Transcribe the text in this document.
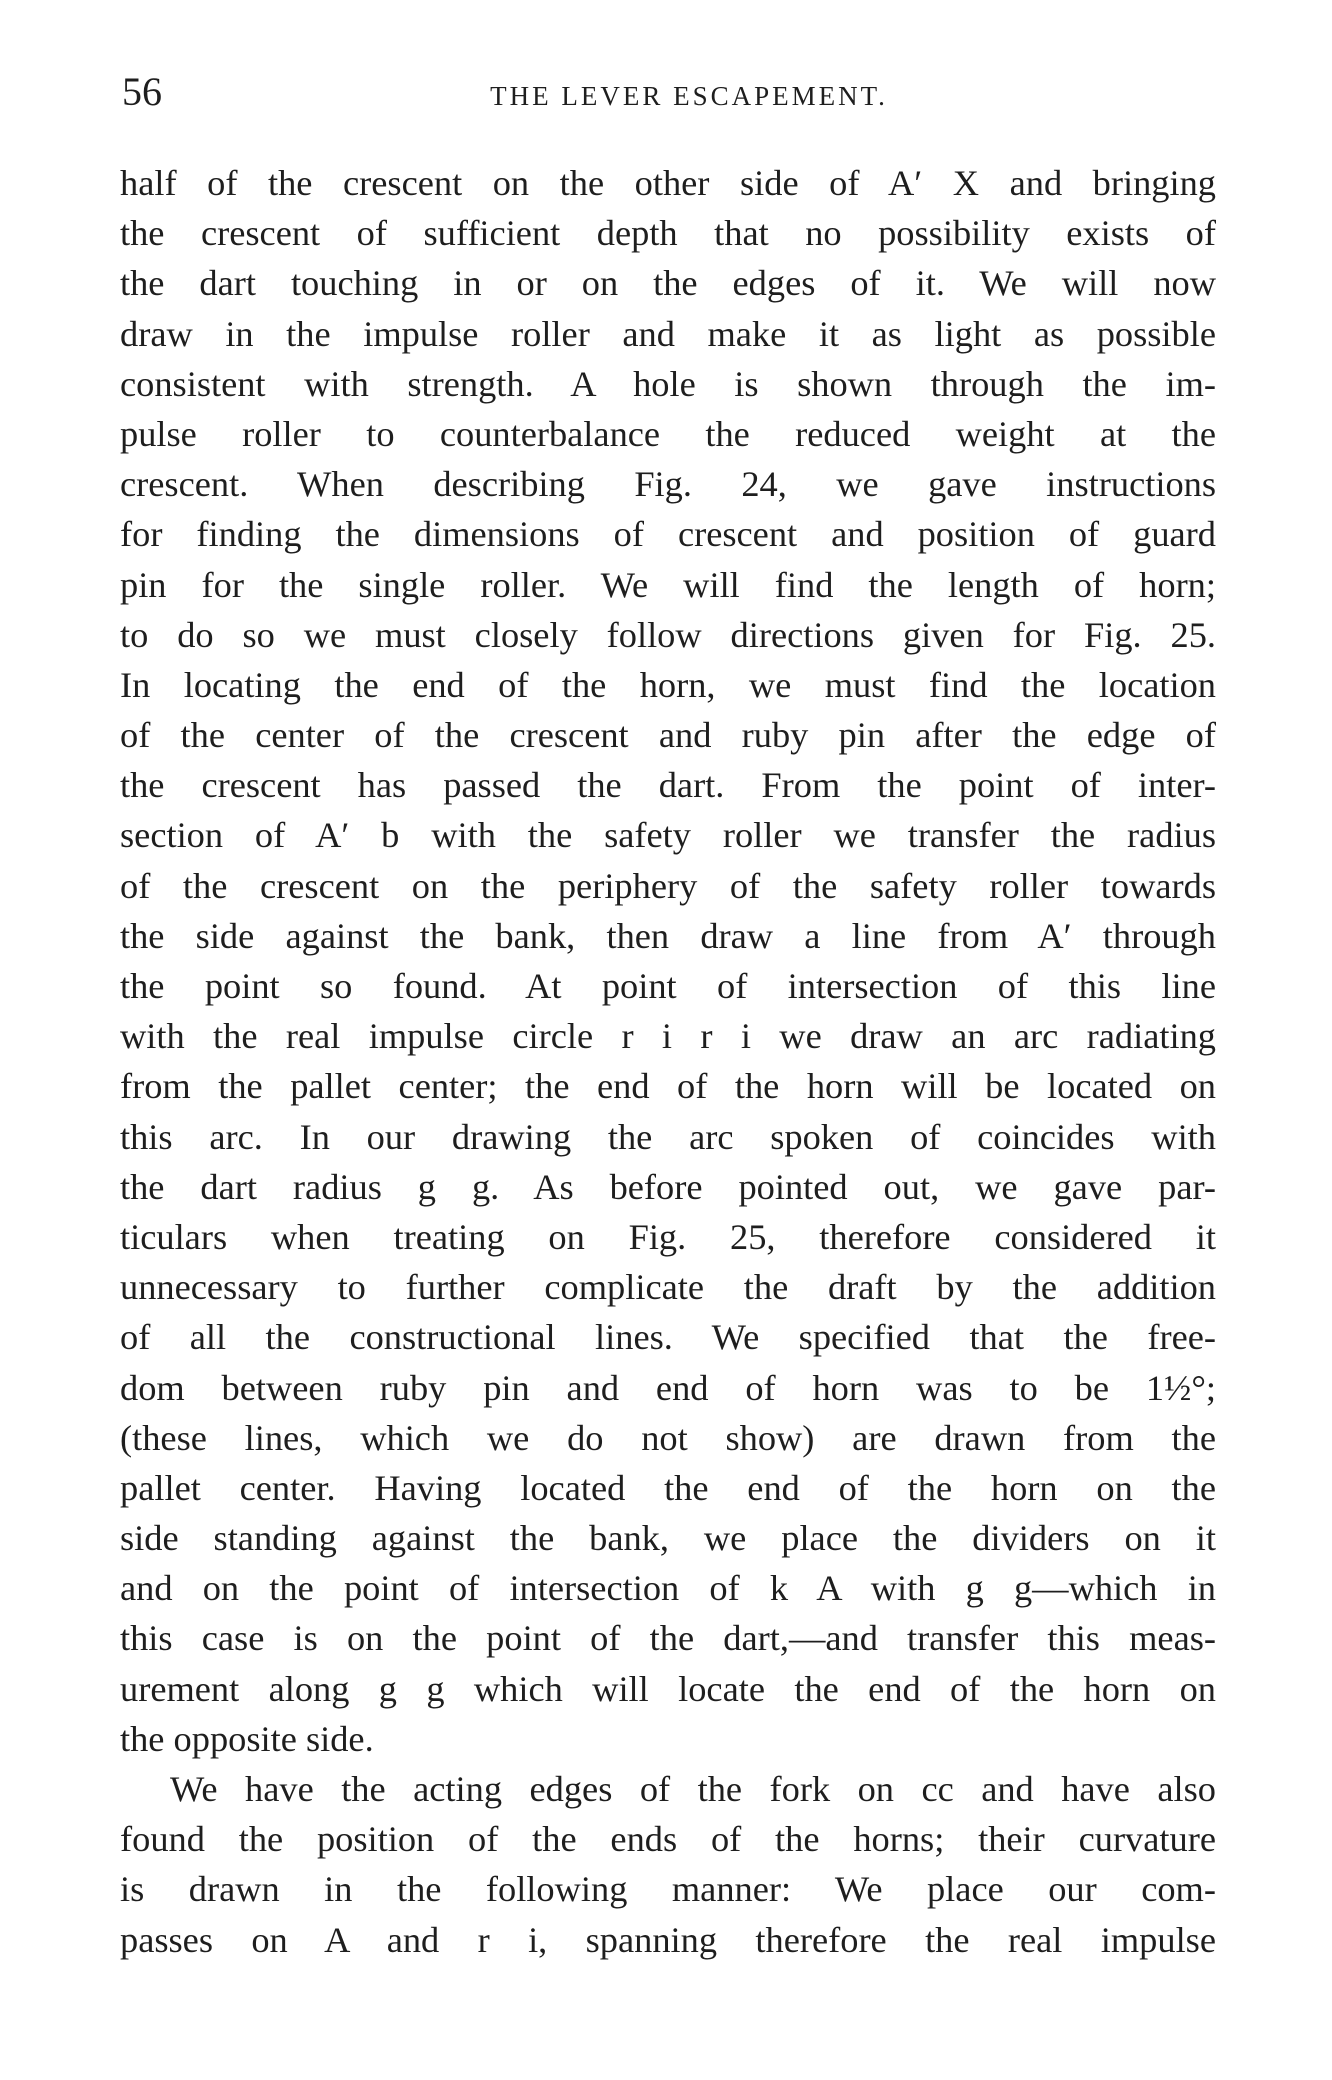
56	THE LEVER ESCAPEMENT.
half of the crescent on the other side of A′ X and bringing
the crescent of sufficient depth that no possibility exists of
the dart touching in or on the edges of it. We will now
draw in the impulse roller and make it as light as possible
consistent with strength. A hole is shown through the im-
pulse roller to counterbalance the reduced weight at the
crescent. When describing Fig. 24, we gave instructions
for finding the dimensions of crescent and position of guard
pin for the single roller. We will find the length of horn;
to do so we must closely follow directions given for Fig. 25.
In locating the end of the horn, we must find the location
of the center of the crescent and ruby pin after the edge of
the crescent has passed the dart. From the point of inter-
section of A′ b with the safety roller we transfer the radius
of the crescent on the periphery of the safety roller towards
the side against the bank, then draw a line from A′ through
the point so found. At point of intersection of this line
with the real impulse circle r i r i we draw an arc radiating
from the pallet center; the end of the horn will be located on
this arc. In our drawing the arc spoken of coincides with
the dart radius g g. As before pointed out, we gave par-
ticulars when treating on Fig. 25, therefore considered it
unnecessary to further complicate the draft by the addition
of all the constructional lines. We specified that the free-
dom between ruby pin and end of horn was to be 1½°;
(these lines, which we do not show) are drawn from the
pallet center. Having located the end of the horn on the
side standing against the bank, we place the dividers on it
and on the point of intersection of k A with g g—which in
this case is on the point of the dart,—and transfer this meas-
urement along g g which will locate the end of the horn on
the opposite side.
We have the acting edges of the fork on cc and have also
found the position of the ends of the horns; their curvature
is drawn in the following manner: We place our com-
passes on A and r i, spanning therefore the real impulse
